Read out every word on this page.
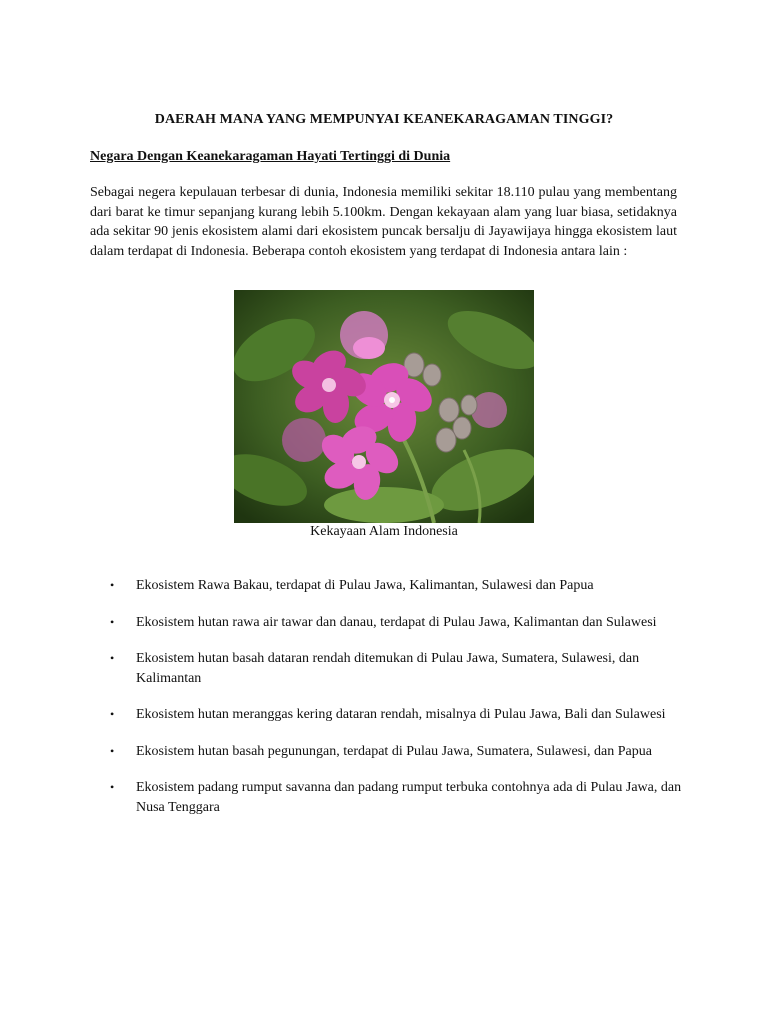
DAERAH MANA YANG MEMPUNYAI KEANEKARAGAMAN TINGGI?
Negara Dengan Keanekaragaman Hayati Tertinggi di Dunia
Sebagai negera kepulauan terbesar di dunia, Indonesia memiliki sekitar 18.110 pulau yang membentang dari barat ke timur sepanjang kurang lebih 5.100km. Dengan kekayaan alam yang luar biasa, setidaknya ada sekitar 90 jenis ekosistem alami dari ekosistem puncak bersalju di Jayawijaya hingga ekosistem laut dalam terdapat di Indonesia. Beberapa contoh ekosistem yang terdapat di Indonesia antara lain :
Kekayaan Alam Indonesia
• Ekosistem Rawa Bakau, terdapat di Pulau Jawa, Kalimantan, Sulawesi dan Papua
• Ekosistem hutan rawa air tawar dan danau, terdapat di Pulau Jawa, Kalimantan dan Sulawesi
• Ekosistem hutan basah dataran rendah ditemukan di Pulau Jawa, Sumatera, Sulawesi, dan Kalimantan
• Ekosistem hutan meranggas kering dataran rendah, misalnya di Pulau Jawa, Bali dan Sulawesi
• Ekosistem hutan basah pegunungan, terdapat di Pulau Jawa, Sumatera, Sulawesi, dan Papua
• Ekosistem padang rumput savanna dan padang rumput terbuka contohnya ada di Pulau Jawa, dan Nusa Tenggara
